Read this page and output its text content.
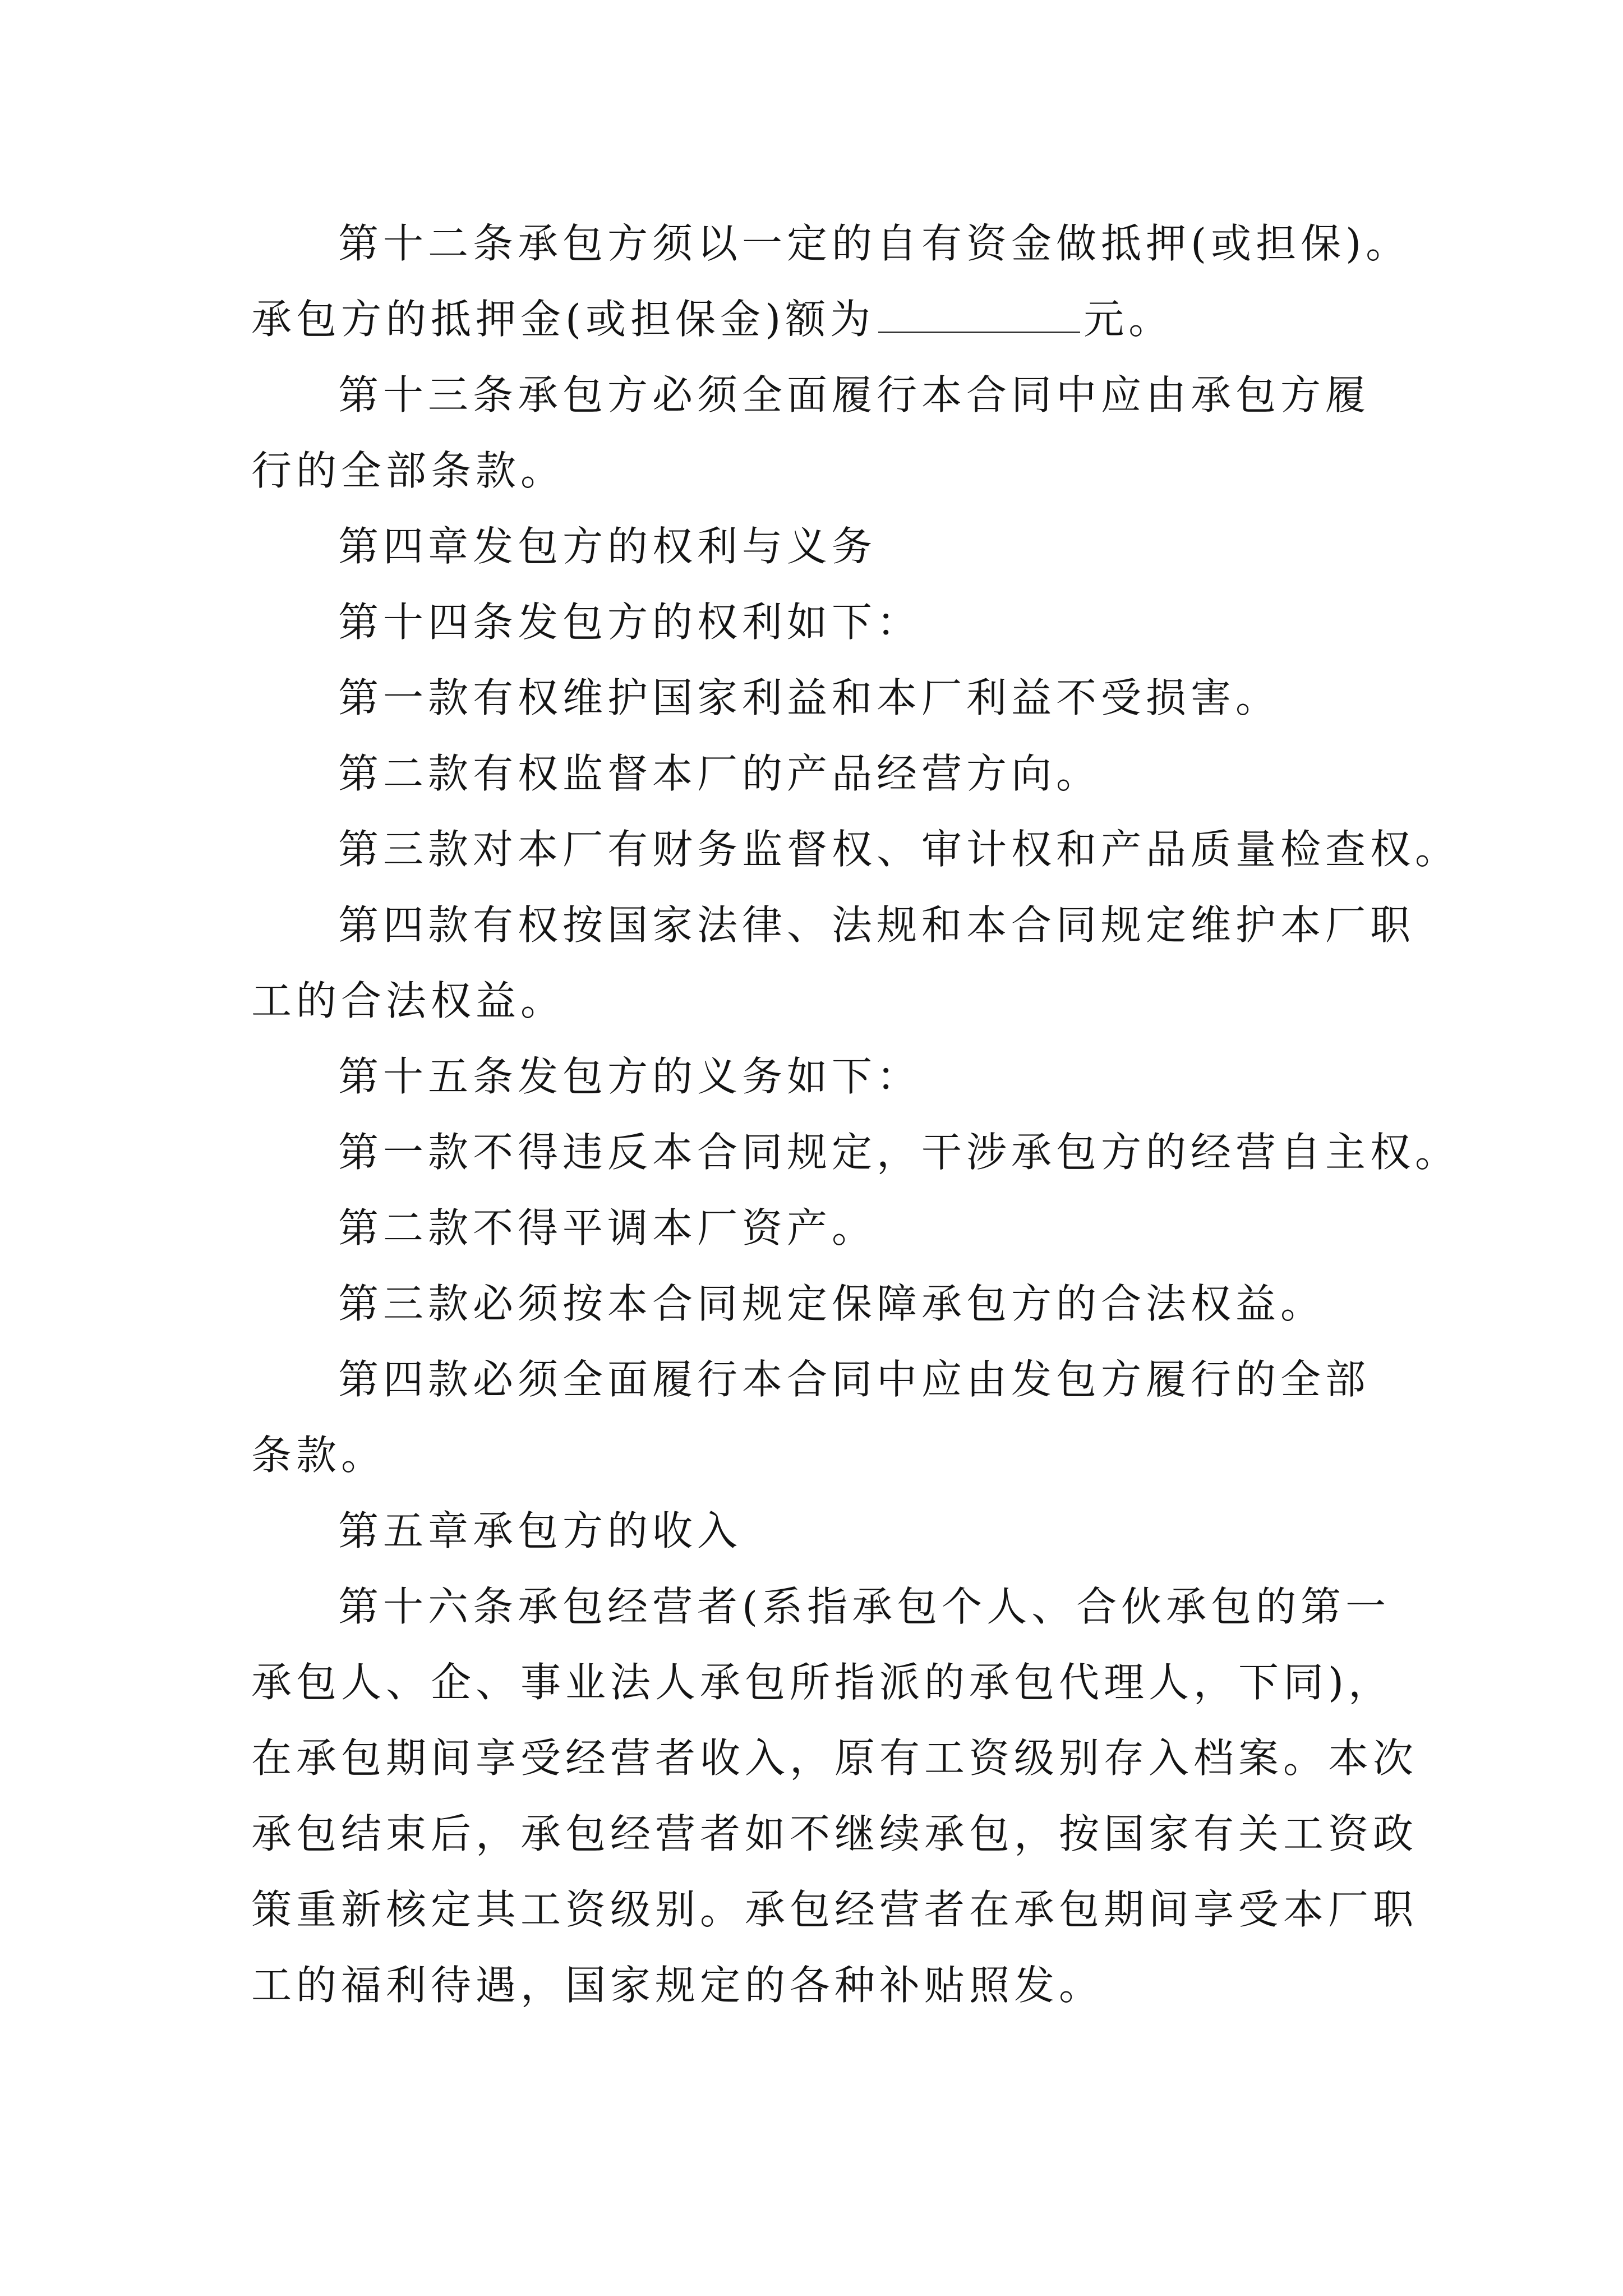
第十二条承包方须以一定的自有资金做抵押(或担保)。
承包方的抵押金(或担保金)额为	元。
第十三条承包方必须全面履行本合同中应由承包方履
行的全部条款。
第四章发包方的权利与义务
第十四条发包方的权利如下：
第一款有权维护国家利益和本厂利益不受损害。
第二款有权监督本厂的产品经营方向。
第三款对本厂有财务监督权、审计权和产品质量检查权。
第四款有权按国家法律、法规和本合同规定维护本厂职
工的合法权益。
第十五条发包方的义务如下：
第一款不得违反本合同规定，干涉承包方的经营自主权。
第二款不得平调本厂资产。
第三款必须按本合同规定保障承包方的合法权益。
第四款必须全面履行本合同中应由发包方履行的全部
条款。
第五章承包方的收入
第十六条承包经营者(系指承包个人、合伙承包的第一
承包人、企、事业法人承包所指派的承包代理人，下同)，
在承包期间享受经营者收入，原有工资级别存入档案。本次
承包结束后，承包经营者如不继续承包，按国家有关工资政
策重新核定其工资级别。承包经营者在承包期间享受本厂职
工的福利待遇，国家规定的各种补贴照发。
